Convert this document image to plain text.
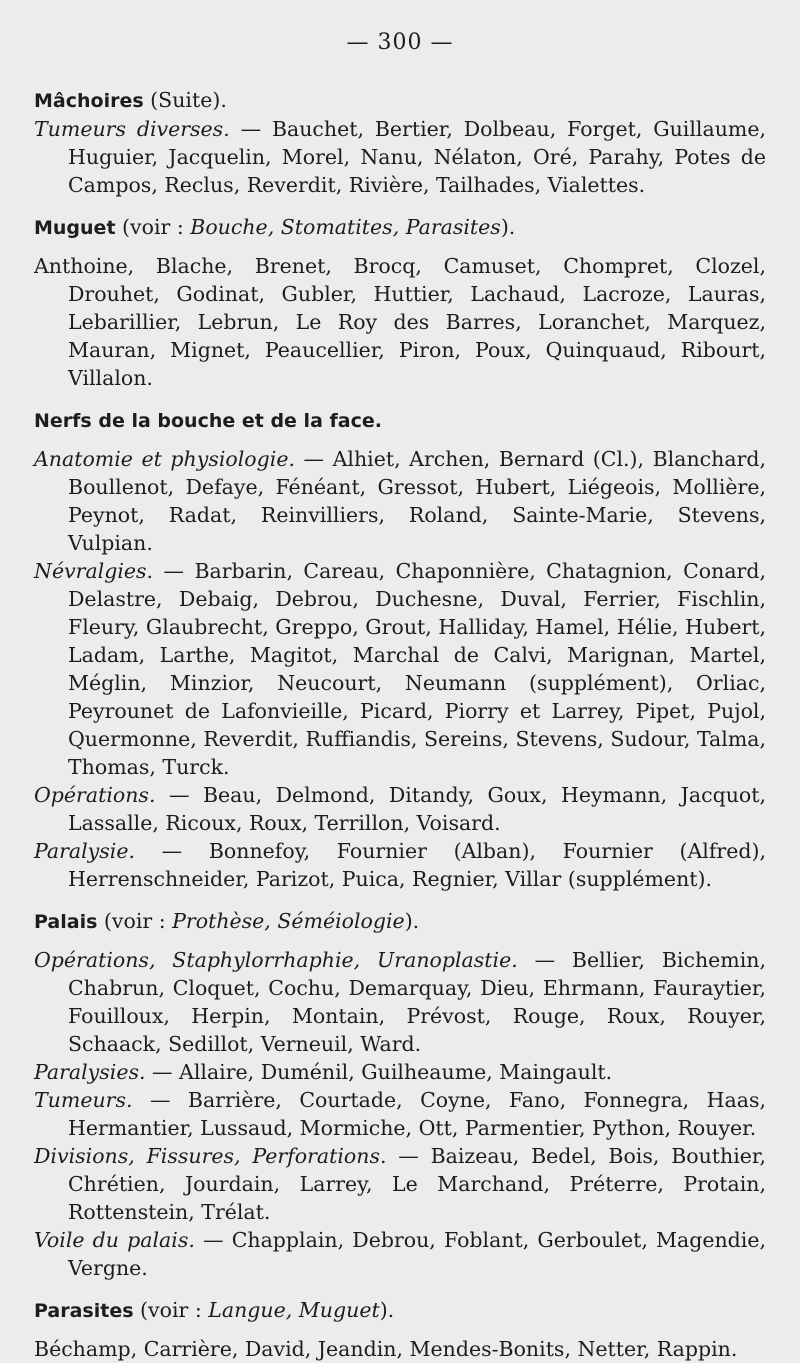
— 300 —

Mâchoires (Suite).

Tumeurs diverses. — Bauchet, Bertier, Dolbeau, Forget, Guillaume, Huguier, Jacquelin, Morel, Nanu, Nélaton, Oré, Parahy, Potes de Campos, Reclus, Reverdit, Rivière, Tailhades, Vialettes.

Muguet (voir : Bouche, Stomatites, Parasites).

Anthoine, Blache, Brenet, Brocq, Camuset, Chompret, Clozel, Drouhet, Godinat, Gubler, Huttier, Lachaud, Lacroze, Lauras, Lebarillier, Lebrun, Le Roy des Barres, Loranchet, Marquez, Mauran, Mignet, Peaucellier, Piron, Poux, Quinquaud, Ribourt, Villalon.

Nerfs de la bouche et de la face.

Anatomie et physiologie. — Alhiet, Archen, Bernard (Cl.), Blanchard, Boullenot, Defaye, Fénéant, Gressot, Hubert, Liégeois, Mollière, Peynot, Radat, Reinvilliers, Roland, Sainte-Marie, Stevens, Vulpian.

Névralgies. — Barbarin, Careau, Chaponnière, Chatagnion, Conard, Delastre, Debaig, Debrou, Duchesne, Duval, Ferrier, Fischlin, Fleury, Glaubrecht, Greppo, Grout, Halliday, Hamel, Hélie, Hubert, Ladam, Larthe, Magitot, Marchal de Calvi, Marignan, Martel, Méglin, Minzior, Neucourt, Neumann (supplément), Orliac, Peyrounet de Lafonvieille, Picard, Piorry et Larrey, Pipet, Pujol, Quermonne, Reverdit, Ruffiandis, Sereins, Stevens, Sudour, Talma, Thomas, Turck.

Opérations. — Beau, Delmond, Ditandy, Goux, Heymann, Jacquot, Lassalle, Ricoux, Roux, Terrillon, Voisard.

Paralysie. — Bonnefoy, Fournier (Alban), Fournier (Alfred), Herrenschneider, Parizot, Puica, Regnier, Villar (supplément).

Palais (voir : Prothèse, Séméiologie).

Opérations, Staphylorrhaphie, Uranoplastie. — Bellier, Bichemin, Chabrun, Cloquet, Cochu, Demarquay, Dieu, Ehrmann, Fauraytier, Fouilloux, Herpin, Montain, Prévost, Rouge, Roux, Rouyer, Schaack, Sedillot, Verneuil, Ward.

Paralysies. — Allaire, Duménil, Guilheaume, Maingault.

Tumeurs. — Barrière, Courtade, Coyne, Fano, Fonnegra, Haas, Hermantier, Lussaud, Mormiche, Ott, Parmentier, Python, Rouyer.

Divisions, Fissures, Perforations. — Baizeau, Bedel, Bois, Bouthier, Chrétien, Jourdain, Larrey, Le Marchand, Préterre, Protain, Rottenstein, Trélat.

Voile du palais. — Chapplain, Debrou, Foblant, Gerboulet, Magendie, Vergne.

Parasites (voir : Langue, Muguet).

Béchamp, Carrière, David, Jeandin, Mendes-Bonits, Netter, Rappin.
